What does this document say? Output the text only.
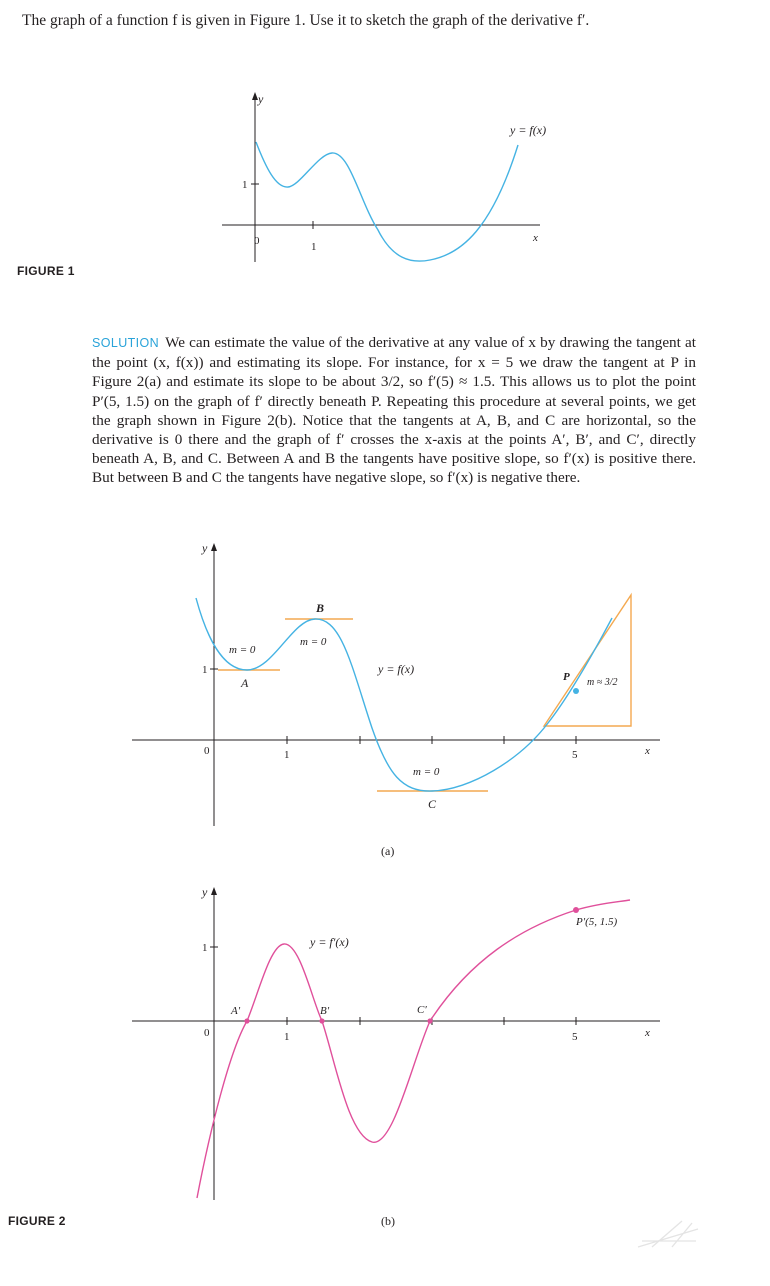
The graph of a function f is given in Figure 1. Use it to sketch the graph of the derivative f′.
y
1
0	1
x
y = f(x)
FIGURE 1
SOLUTION We can estimate the value of the derivative at any value of x by drawing the tangent at the point (x, f(x)) and estimating its slope. For instance, for x = 5 we draw the tangent at P in Figure 2(a) and estimate its slope to be about 3/2, so f′(5) ≈ 1.5. This allows us to plot the point P′(5, 1.5) on the graph of f′ directly beneath P. Repeating this procedure at several points, we get the graph shown in Figure 2(b). Notice that the tangents at A, B, and C are horizontal, so the derivative is 0 there and the graph of f′ crosses the x-axis at the points A′, B′, and C′, directly beneath A, B, and C. Between A and B the tangents have positive slope, so f′(x) is positive there. But between B and C the tangents have negative slope, so f′(x) is negative there.
y
1
0	1	5	x
A
B
C
P
m = 0
m = 0
m = 0
m ≈ 3/2
y = f(x)
(a)
y
1
0	1	5	x
A′	B′	C′
P′(5, 1.5)
y = f′(x)
(b)
FIGURE 2
